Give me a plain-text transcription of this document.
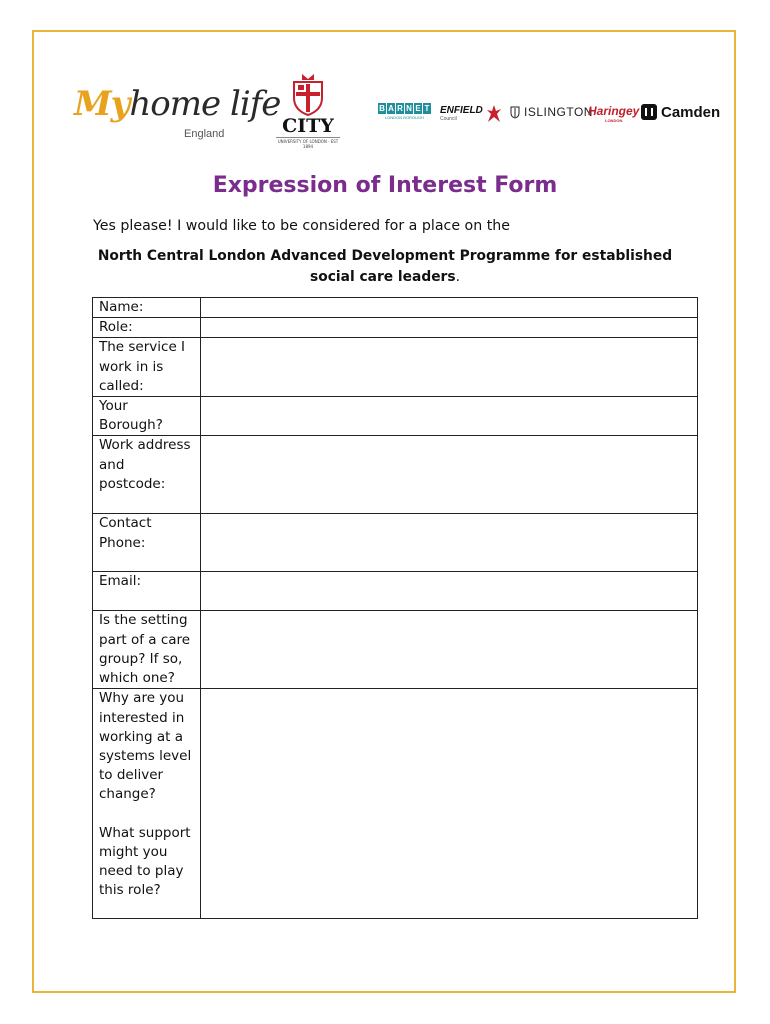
Myhome life
England	CITY
UNIVERSITY OF LONDON · EST 1894
B A R N E T
LONDON BOROUGH
ENFIELD
Council	ISLINGTON
Haringey
LONDON	Camden
Expression of Interest Form
Yes please! I would like to be considered for a place on the
North Central London Advanced Development Programme for established
social care leaders.
Name:	
Role:	
The service I work in is called:	
Your Borough?	
Work address and postcode:	
Contact Phone:	
Email:	
Is the setting part of a care group? If so, which one?	

Why are you interested in working at a systems level to deliver change?
What support might you need to play this role?	
